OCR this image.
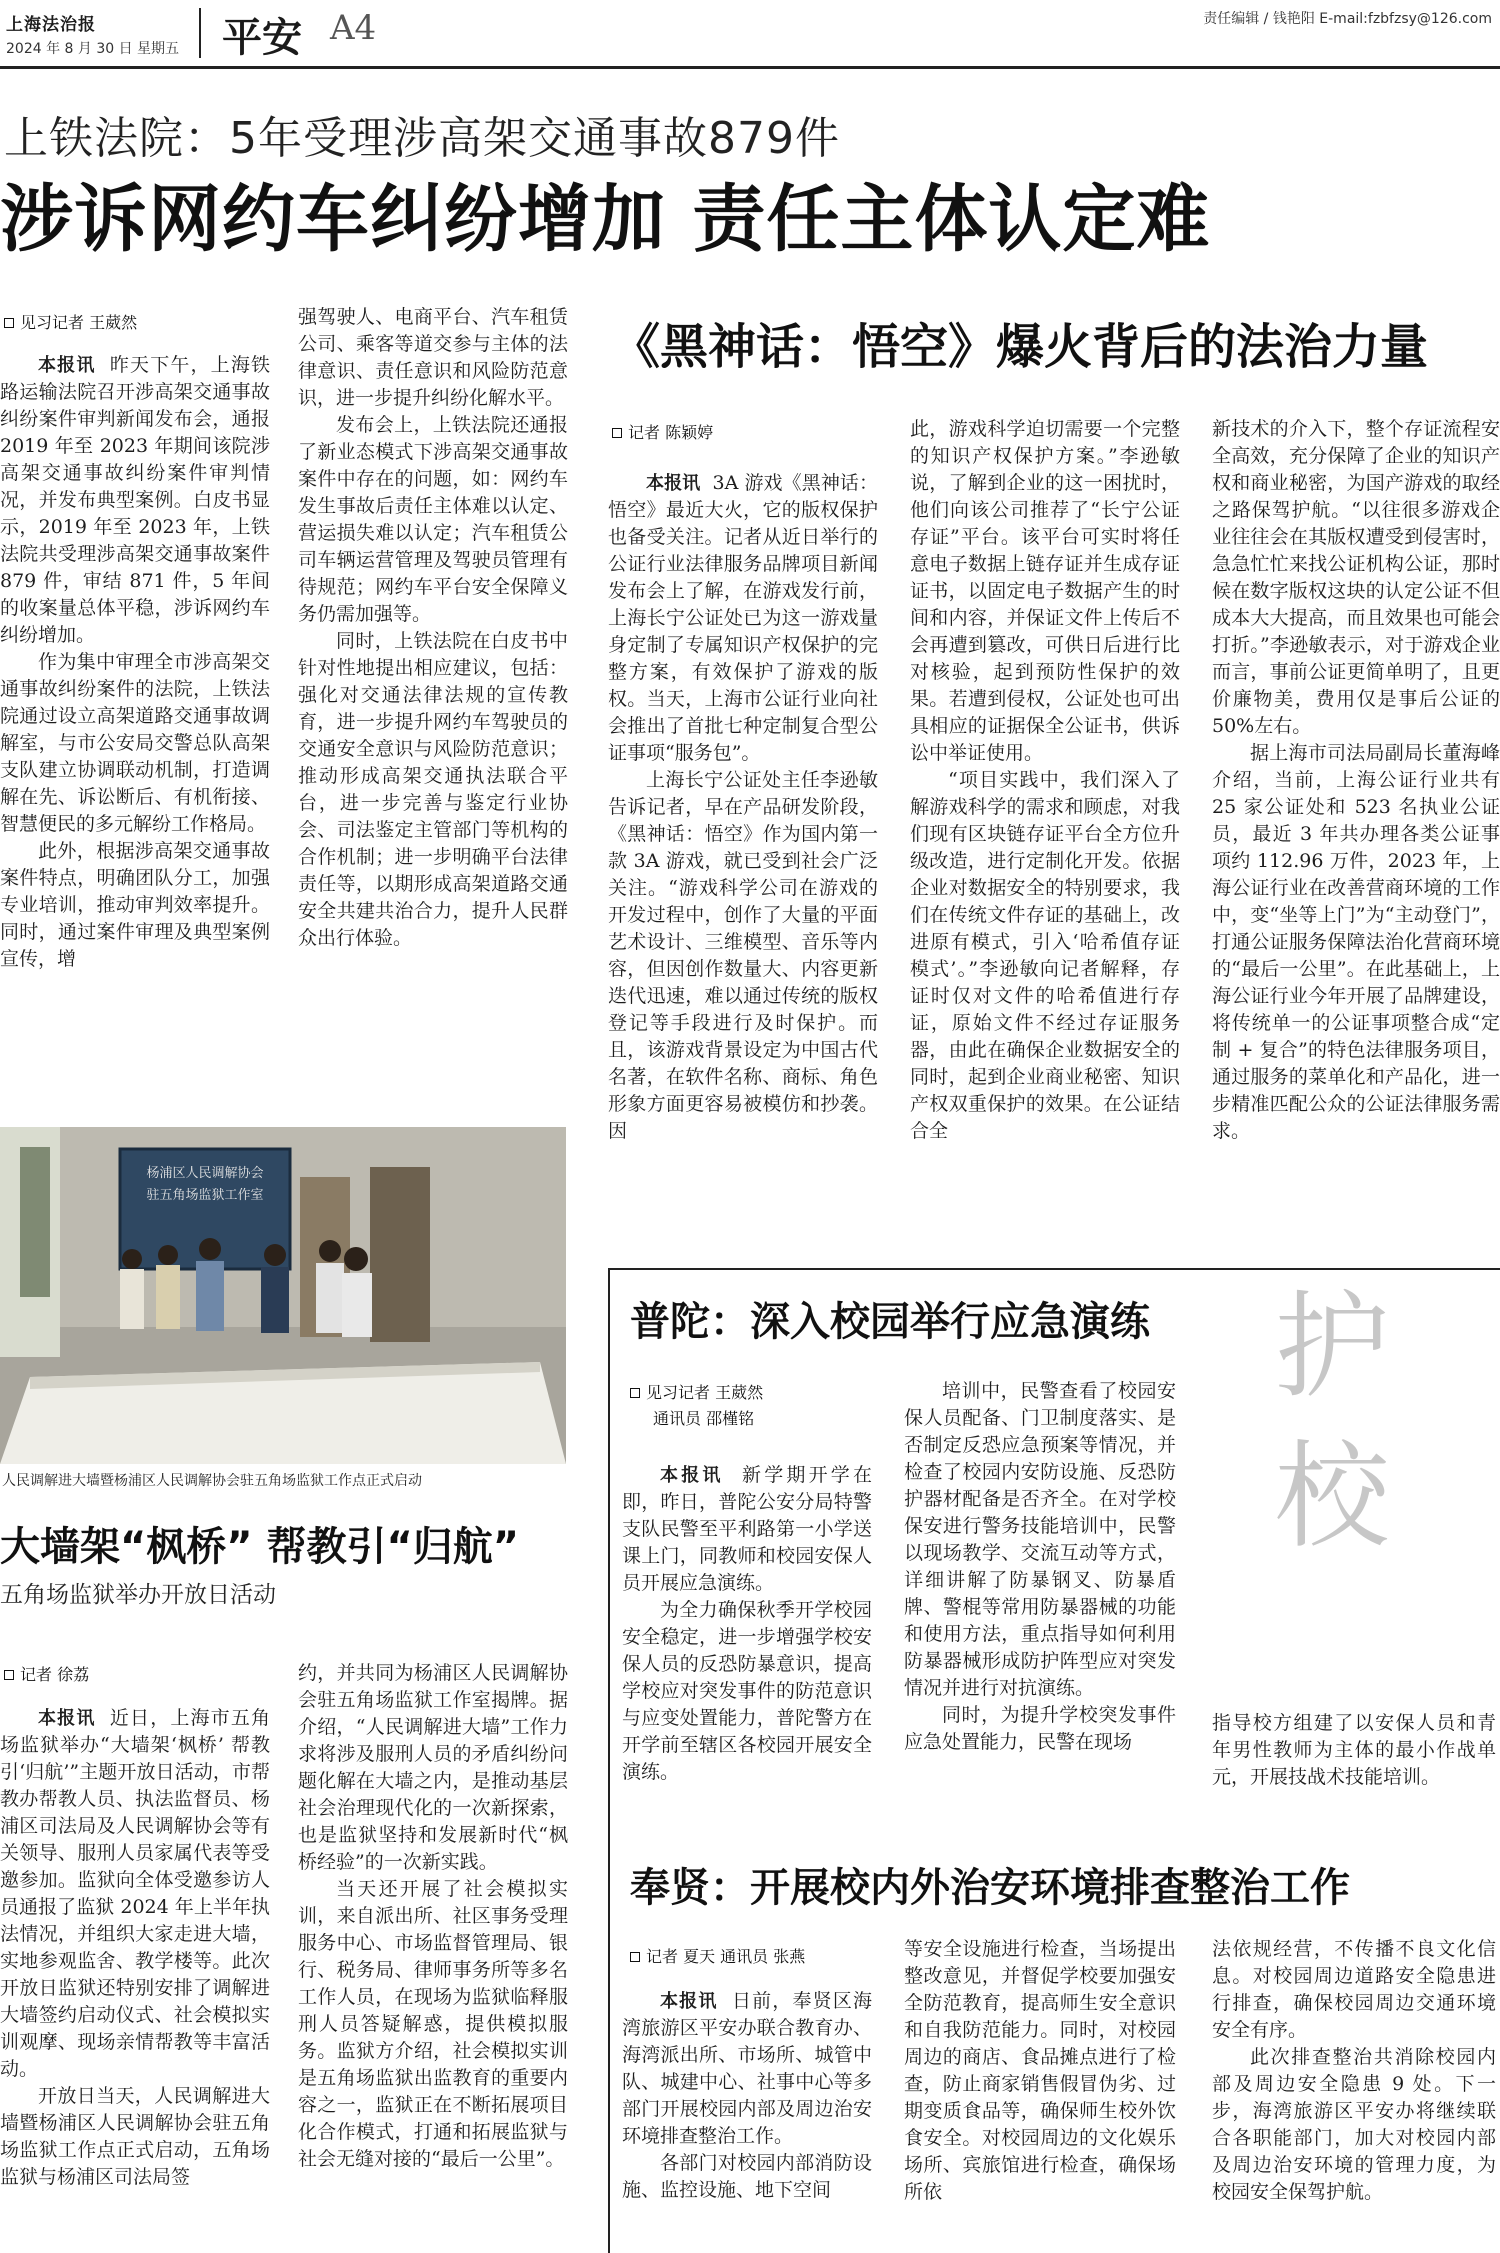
上海法治报
2024 年 8 月 30 日 星期五 平安 A4	责任编辑 / 钱艳阳 E-mail:fzbfzsy@126.com
上铁法院：5年受理涉高架交通事故879件
涉诉网约车纠纷增加 责任主体认定难
见习记者 王葳然

本报讯 昨天下午，上海铁路运输法院召开涉高架交通事故纠纷案件审判新闻发布会，通报 2019 年至 2023 年期间该院涉高架交通事故纠纷案件审判情况，并发布典型案例。白皮书显示，2019 年至 2023 年，上铁法院共受理涉高架交通事故案件 879 件，审结 871 件，5 年间的收案量总体平稳，涉诉网约车纠纷增加。

作为集中审理全市涉高架交通事故纠纷案件的法院，上铁法院通过设立高架道路交通事故调解室，与市公安局交警总队高架支队建立协调联动机制，打造调解在先、诉讼断后、有机衔接、智慧便民的多元解纷工作格局。

此外，根据涉高架交通事故案件特点，明确团队分工，加强专业培训，推动审判效率提升。同时，通过案件审理及典型案例宣传，增

强驾驶人、电商平台、汽车租赁公司、乘客等道交参与主体的法律意识、责任意识和风险防范意识，进一步提升纠纷化解水平。

发布会上，上铁法院还通报了新业态模式下涉高架交通事故案件中存在的问题，如：网约车发生事故后责任主体难以认定、营运损失难以认定；汽车租赁公司车辆运营管理及驾驶员管理有待规范；网约车平台安全保障义务仍需加强等。

同时，上铁法院在白皮书中针对性地提出相应建议，包括：强化对交通法律法规的宣传教育，进一步提升网约车驾驶员的交通安全意识与风险防范意识；推动形成高架交通执法联合平台，进一步完善与鉴定行业协会、司法鉴定主管部门等机构的合作机制；进一步明确平台法律责任等，以期形成高架道路交通安全共建共治合力，提升人民群众出行体验。

《黑神话：悟空》爆火背后的法治力量
记者 陈颖婷

本报讯 3A 游戏《黑神话：悟空》最近大火，它的版权保护也备受关注。记者从近日举行的公证行业法律服务品牌项目新闻发布会上了解，在游戏发行前，上海长宁公证处已为这一游戏量身定制了专属知识产权保护的完整方案，有效保护了游戏的版权。当天，上海市公证行业向社会推出了首批七种定制复合型公证事项“服务包”。

上海长宁公证处主任李逊敏告诉记者，早在产品研发阶段，《黑神话：悟空》作为国内第一款 3A 游戏，就已受到社会广泛关注。“游戏科学公司在游戏的开发过程中，创作了大量的平面艺术设计、三维模型、音乐等内容，但因创作数量大、内容更新迭代迅速，难以通过传统的版权登记等手段进行及时保护。而且，该游戏背景设定为中国古代名著，在软件名称、商标、角色形象方面更容易被模仿和抄袭。因

此，游戏科学迫切需要一个完整的知识产权保护方案。”李逊敏说，了解到企业的这一困扰时，他们向该公司推荐了“长宁公证存证”平台。该平台可实时将任意电子数据上链存证并生成存证证书，以固定电子数据产生的时间和内容，并保证文件上传后不会再遭到篡改，可供日后进行比对核验，起到预防性保护的效果。若遭到侵权，公证处也可出具相应的证据保全公证书，供诉讼中举证使用。

“项目实践中，我们深入了解游戏科学的需求和顾虑，对我们现有区块链存证平台全方位升级改造，进行定制化开发。依据企业对数据安全的特别要求，我们在传统文件存证的基础上，改进原有模式，引入‘哈希值存证模式’。”李逊敏向记者解释，存证时仅对文件的哈希值进行存证，原始文件不经过存证服务器，由此在确保企业数据安全的同时，起到企业商业秘密、知识产权双重保护的效果。在公证结合全

新技术的介入下，整个存证流程安全高效，充分保障了企业的知识产权和商业秘密，为国产游戏的取经之路保驾护航。“以往很多游戏企业往往会在其版权遭受到侵害时，急急忙忙来找公证机构公证，那时候在数字版权这块的认定公证不但成本大大提高，而且效果也可能会打折。”李逊敏表示，对于游戏企业而言，事前公证更简单明了，且更价廉物美，费用仅是事后公证的 50%左右。

据上海市司法局副局长董海峰介绍，当前，上海公证行业共有 25 家公证处和 523 名执业公证员，最近 3 年共办理各类公证事项约 112.96 万件，2023 年，上海公证行业在改善营商环境的工作中，变“坐等上门”为“主动登门”，打通公证服务保障法治化营商环境的“最后一公里”。在此基础上，上海公证行业今年开展了品牌建设，将传统单一的公证事项整合成“定制 + 复合”的特色法律服务项目，通过服务的菜单化和产品化，进一步精准匹配公众的公证法律服务需求。

杨浦区人民调解协会
驻五角场监狱工作室
人民调解进大墙暨杨浦区人民调解协会驻五角场监狱工作点正式启动
大墙架“枫桥” 帮教引“归航”
五角场监狱举办开放日活动
记者 徐荔

本报讯 近日，上海市五角场监狱举办“大墙架‘枫桥’ 帮教引‘归航’”主题开放日活动，市帮教办帮教人员、执法监督员、杨浦区司法局及人民调解协会等有关领导、服刑人员家属代表等受邀参加。监狱向全体受邀参访人员通报了监狱 2024 年上半年执法情况，并组织大家走进大墙，实地参观监舍、教学楼等。此次开放日监狱还特别安排了调解进大墙签约启动仪式、社会模拟实训观摩、现场亲情帮教等丰富活动。

开放日当天，人民调解进大墙暨杨浦区人民调解协会驻五角场监狱工作点正式启动，五角场监狱与杨浦区司法局签

约，并共同为杨浦区人民调解协会驻五角场监狱工作室揭牌。据介绍，“人民调解进大墙”工作力求将涉及服刑人员的矛盾纠纷问题化解在大墙之内，是推动基层社会治理现代化的一次新探索，也是监狱坚持和发展新时代“枫桥经验”的一次新实践。

当天还开展了社会模拟实训，来自派出所、社区事务受理服务中心、市场监督管理局、银行、税务局、律师事务所等多名工作人员，在现场为监狱临释服刑人员答疑解惑，提供模拟服务。监狱方介绍，社会模拟实训是五角场监狱出监教育的重要内容之一，监狱正在不断拓展项目化合作模式，打通和拓展监狱与社会无缝对接的“最后一公里”。

护
校
普陀：深入校园举行应急演练
见习记者 王葳然
通讯员 邵槿铭

本报讯 新学期开学在即，昨日，普陀公安分局特警支队民警至平利路第一小学送课上门，同教师和校园安保人员开展应急演练。

为全力确保秋季开学校园安全稳定，进一步增强学校安保人员的反恐防暴意识，提高学校应对突发事件的防范意识与应变处置能力，普陀警方在开学前至辖区各校园开展安全演练。

培训中，民警查看了校园安保人员配备、门卫制度落实、是否制定反恐应急预案等情况，并检查了校园内安防设施、反恐防护器材配备是否齐全。在对学校保安进行警务技能培训中，民警以现场教学、交流互动等方式，详细讲解了防暴钢叉、防暴盾牌、警棍等常用防暴器械的功能和使用方法，重点指导如何利用防暴器械形成防护阵型应对突发情况并进行对抗演练。

同时，为提升学校突发事件应急处置能力，民警在现场

指导校方组建了以安保人员和青年男性教师为主体的最小作战单元，开展技战术技能培训。

奉贤：开展校内外治安环境排查整治工作
记者 夏天 通讯员 张燕

本报讯 日前，奉贤区海湾旅游区平安办联合教育办、海湾派出所、市场所、城管中队、城建中心、社事中心等多部门开展校园内部及周边治安环境排查整治工作。

各部门对校园内部消防设施、监控设施、地下空间

等安全设施进行检查，当场提出整改意见，并督促学校要加强安全防范教育，提高师生安全意识和自我防范能力。同时，对校园周边的商店、食品摊点进行了检查，防止商家销售假冒伪劣、过期变质食品等，确保师生校外饮食安全。对校园周边的文化娱乐场所、宾旅馆进行检查，确保场所依

法依规经营，不传播不良文化信息。对校园周边道路安全隐患进行排查，确保校园周边交通环境安全有序。

此次排查整治共消除校园内部及周边安全隐患 9 处。下一步，海湾旅游区平安办将继续联合各职能部门，加大对校园内部及周边治安环境的管理力度，为校园安全保驾护航。
